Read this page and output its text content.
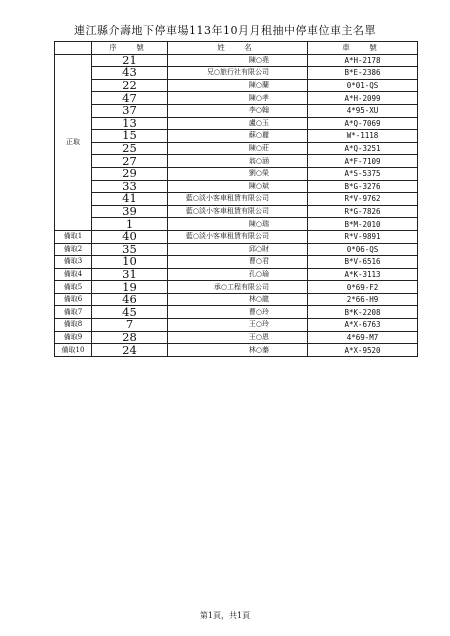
連江縣介壽地下停車場113年10月月租抽中停車位車主名單
	序　號	姓　名	車　號
正取	21	陳○堯	A*H-2178
	43	兄○旅行社有限公司	B*E-2386
	22	陳○蘭	0*01-QS
	47	陳○孝	A*H-2099
	37	李○翰	4*95-XU
	13	盧○玉	A*Q-7069
	15	蘇○麗	W*-1118
	25	陳○莊	A*Q-3251
	27	翁○涵	A*F-7109
	29	劉○榮	A*S-5375
	33	陳○斌	B*G-3276
	41	藍○淡小客車租賃有限公司	R*V-9762
	39	藍○淡小客車租賃有限公司	R*G-7826
	1	陳○瑞	B*M-2010
備取1	40	藍○淡小客車租賃有限公司	R*V-9891
備取2	35	邱○財	0*06-QS
備取3	10	曹○君	B*V-6516
備取4	31	孔○瑜	A*K-3113
備取5	19	承○工程有限公司	0*69-F2
備取6	46	林○龍	2*66-H9
備取7	45	曹○玲	B*K-2208
備取8	7	王○玲	A*X-6763
備取9	28	王○恩	4*69-M7
備取10	24	林○蓁	A*X-9520
第1頁，共1頁
